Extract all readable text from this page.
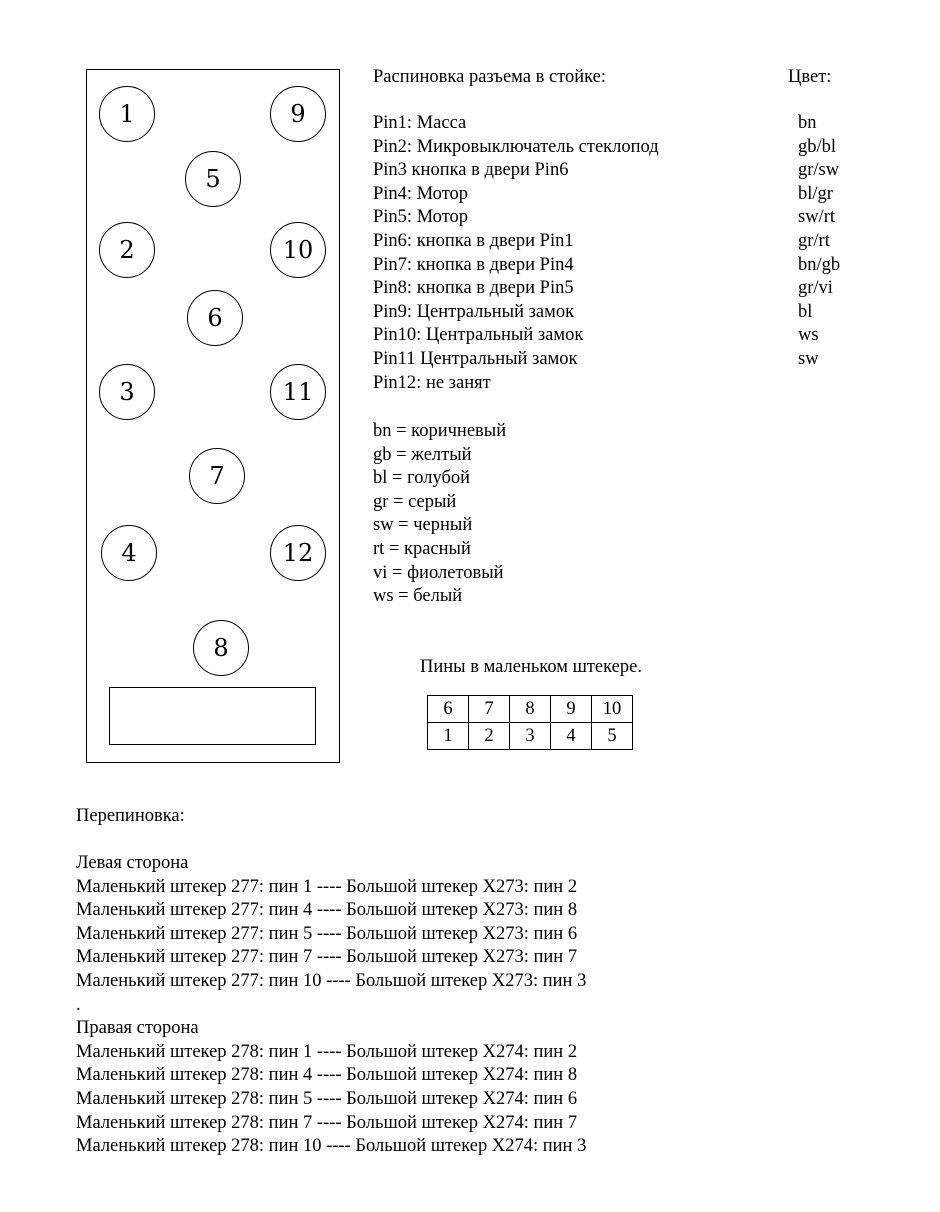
1	9
5
2	10
6
3	11
7
4	12
8
Распиновка разъема в стойке:	Цвет:
Pin1: Масса	bn
Pin2: Микровыключатель стеклопод	gb/bl
Pin3 кнопка в двери Pin6	gr/sw
Pin4: Мотор	bl/gr
Pin5: Мотор	sw/rt
Pin6: кнопка в двери Pin1	gr/rt
Pin7: кнопка в двери Pin4	bn/gb
Pin8: кнопка в двери Pin5	gr/vi
Pin9: Центральный замок	bl
Pin10: Центральный замок	ws
Pin11 Центральный замок	sw
Pin12: не занят
bn = коричневый
gb = желтый
bl = голубой
gr = серый
sw = черный
rt = красный
vi = фиолетовый
ws = белый
Пины в маленьком штекере.
6	7	8	9	10
1	2	3	4	5
Перепиновка:
Левая сторона
Маленький штекер 277: пин 1 ---- Большой штекер X273: пин 2
Маленький штекер 277: пин 4 ---- Большой штекер X273: пин 8
Маленький штекер 277: пин 5 ---- Большой штекер X273: пин 6
Маленький штекер 277: пин 7 ---- Большой штекер X273: пин 7
Маленький штекер 277: пин 10 ---- Большой штекер X273: пин 3
.
Правая сторона
Маленький штекер 278: пин 1 ---- Большой штекер X274: пин 2
Маленький штекер 278: пин 4 ---- Большой штекер X274: пин 8
Маленький штекер 278: пин 5 ---- Большой штекер X274: пин 6
Маленький штекер 278: пин 7 ---- Большой штекер X274: пин 7
Маленький штекер 278: пин 10 ---- Большой штекер X274: пин 3
